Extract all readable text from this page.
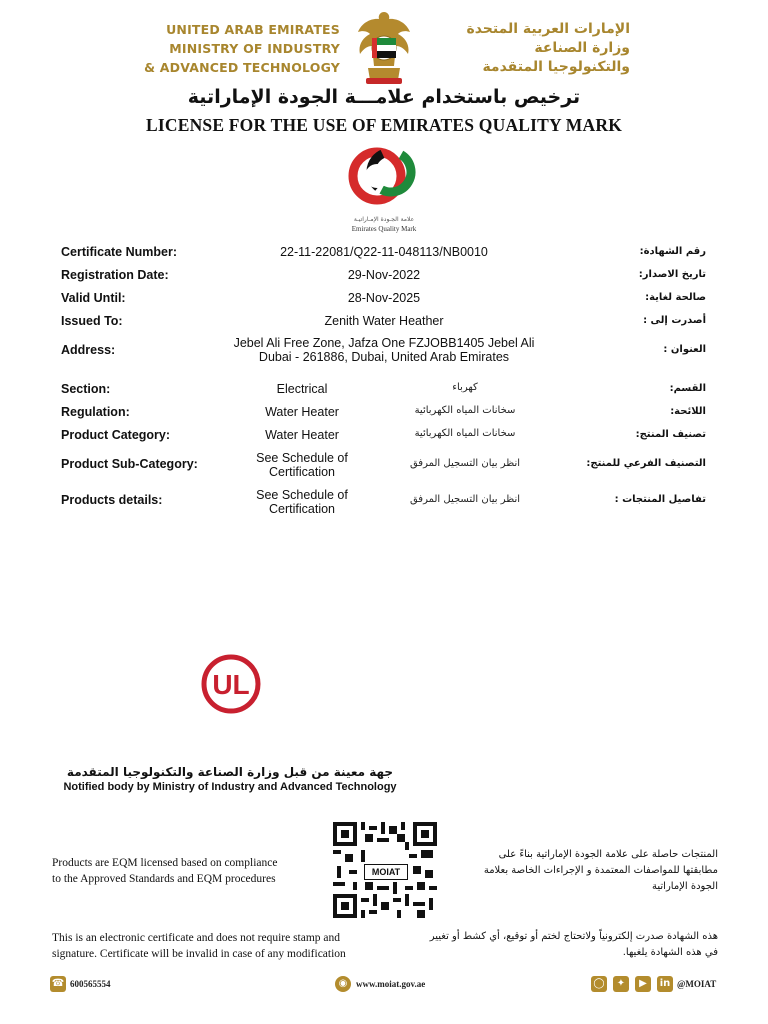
UNITED ARAB EMIRATES
MINISTRY OF INDUSTRY
& ADVANCED TECHNOLOGY
الإمارات العربية المتحدة
وزارة الصناعة
والتكنولوجيا المتقدمة
ترخيص باستخدام علامـــة الجودة الإماراتية
LICENSE FOR THE USE OF EMIRATES QUALITY MARK
علامة الجـودة الإمـاراتيـة
Emirates Quality Mark
Certificate Number:	22-11-22081/Q22-11-048113/NB0010	رقم الشهادة:
Registration Date:	29-Nov-2022	تاريخ الاصدار:
Valid Until:	28-Nov-2025	صالحة لغاية:
Issued To:	Zenith Water Heather	أصدرت إلى :
Address:	Jebel Ali Free Zone, Jafza One FZJOBB1405 Jebel Ali
Dubai - 261886, Dubai, United Arab Emirates
العنوان :
Section:	Electrical	كهرباء	القسم:
Regulation:	Water Heater	سخانات المياه الكهربائية	اللائحة:
Product Category:	Water Heater	سخانات المياه الكهربائية	تصنيف المنتج:
Product Sub-Category:	See Schedule of
Certification
انظر بيان التسجيل المرفق	التصنيف الفرعي للمنتج:
Products details:	See Schedule of
Certification
انظر بيان التسجيل المرفق	تفاصيل المنتجات :
UL
جهة معينة من قبل وزارة الصناعة والتكنولوجيا المتقدمة
Notified body by Ministry of Industry and Advanced Technology
Products are EQM licensed based on compliance
to the Approved Standards and EQM procedures
MOIAT
المنتجات حاصلة على علامة الجودة الإماراتية بناءً على
مطابقتها للمواصفات المعتمدة و الإجراءات الخاصة بعلامة
الجودة الإماراتية
This is an electronic certificate and does not require stamp and
signature. Certificate will be invalid in case of any modification
هذه الشهادة صدرت إلكترونياً ولاتحتاج لختم أو توقيع، أي كشط أو تغيير
في هذه الشهادة يلغيها.
☎ 600565554	◉ www.moiat.gov.ae	◯	✦	▶	in @MOIAT
